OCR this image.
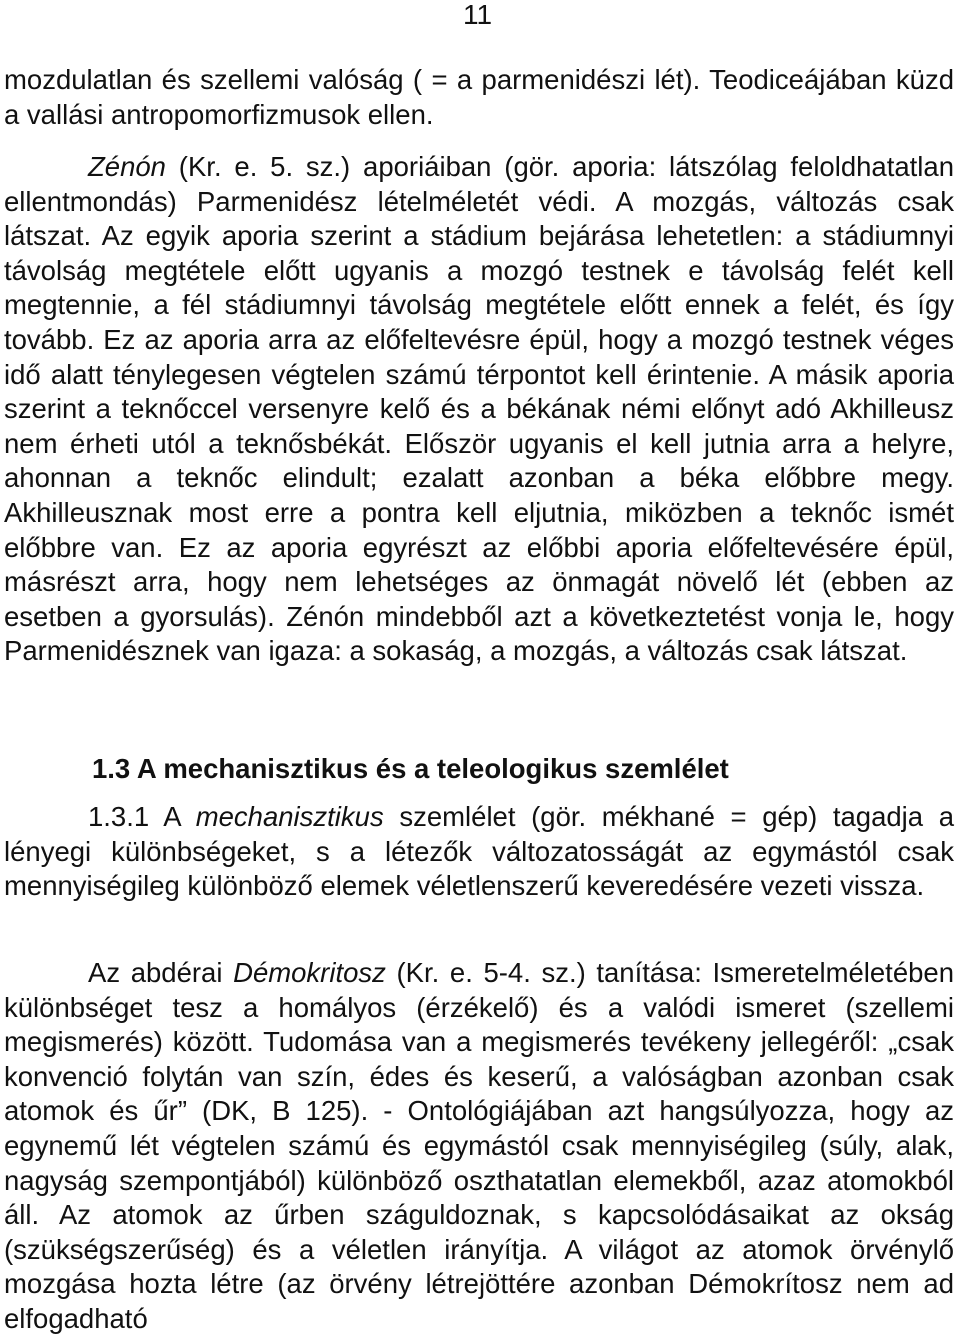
11
mozdulatlan és szellemi valóság ( = a parmenidészi lét). Teodiceájában küzd a vallási antropomorfizmusok ellen.
Zénón (Kr. e. 5. sz.) aporiáiban (gör. aporia: látszólag feloldhatatlan ellentmondás) Parmenidész lételméletét védi. A mozgás, változás csak látszat. Az egyik aporia szerint a stádium bejárása lehetetlen: a stádiumnyi távolság megtétele előtt ugyanis a mozgó testnek e távolság felét kell megtennie, a fél stádiumnyi távolság megtétele előtt ennek a felét, és így tovább. Ez az aporia arra az előfeltevésre épül, hogy a mozgó testnek véges idő alatt ténylegesen végtelen számú térpontot kell érintenie. A másik aporia szerint a teknőccel versenyre kelő és a békának némi előnyt adó Akhilleusz nem érheti utól a teknősbékát. Először ugyanis el kell jutnia arra a helyre, ahonnan a teknőc elindult; ezalatt azonban a béka előbbre megy. Akhilleusznak most erre a pontra kell eljutnia, miközben a teknőc ismét előbbre van. Ez az aporia egyrészt az előbbi aporia előfeltevésére épül, másrészt arra, hogy nem lehetséges az önmagát növelő lét (ebben az esetben a gyorsulás). Zénón mindebből azt a következtetést vonja le, hogy Parmenidésznek van igaza: a sokaság, a mozgás, a változás csak látszat.
1.3 A mechanisztikus és a teleologikus szemlélet
1.3.1 A mechanisztikus szemlélet (gör. mékhané = gép) tagadja a lényegi különbségeket, s a létezők változatosságát az egymástól csak mennyiségileg különböző elemek véletlenszerű keveredésére vezeti vissza.
Az abdérai Démokritosz (Kr. e. 5-4. sz.) tanítása: Ismeretelméletében különbséget tesz a homályos (érzékelő) és a valódi ismeret (szellemi megismerés) között. Tudomása van a megismerés tevékeny jellegéről: „csak konvenció folytán van szín, édes és keserű, a valóságban azonban csak atomok és űr” (DK, B 125). - Ontológiájában azt hangsúlyozza, hogy az egynemű lét végtelen számú és egymástól csak mennyiségileg (súly, alak, nagyság szempontjából) különböző oszthatatlan elemekből, azaz atomokból áll. Az atomok az űrben száguldoznak, s kapcsolódásaikat az okság (szükségszerűség) és a véletlen irányítja. A világot az atomok örvénylő mozgása hozta létre (az örvény létrejöttére azonban Démokrítosz nem ad elfogadható
